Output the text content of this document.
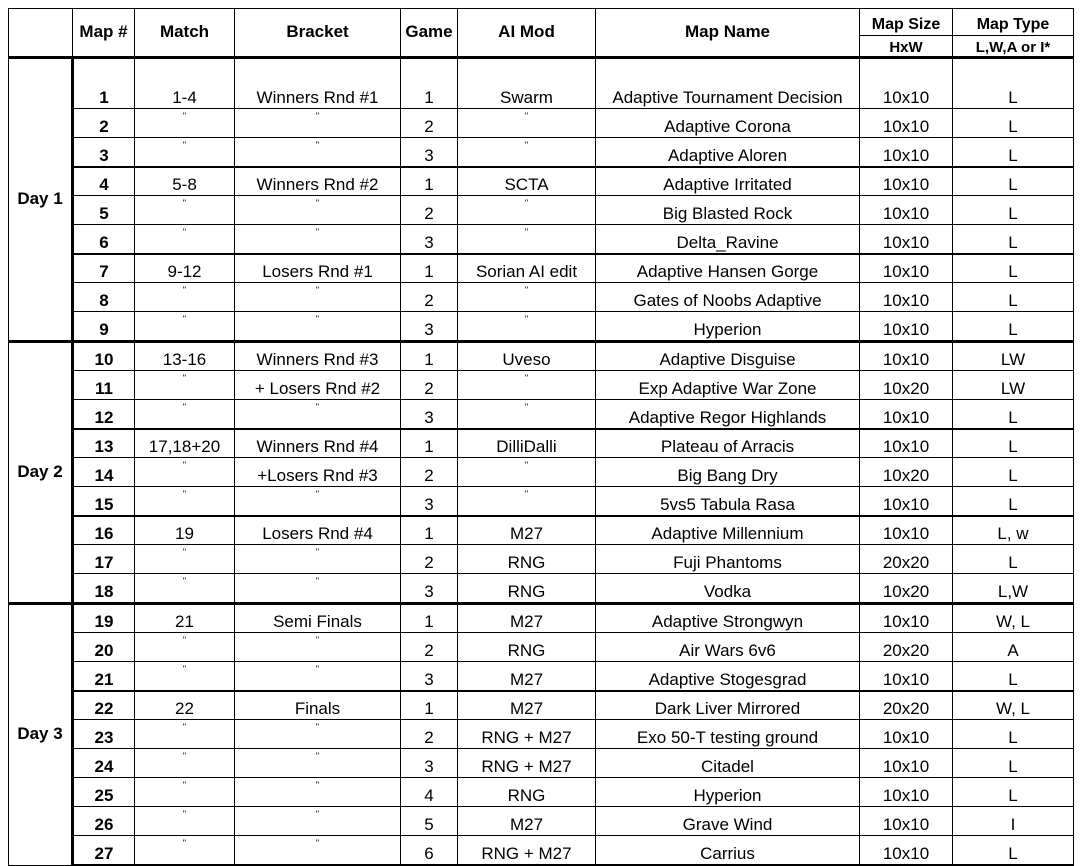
	Map #	Match	Bracket	Game	AI Mod	Map Name	Map Size	Map Type
							HxW	L,W,A or I*
Day 1	1	1-4	Winners Rnd #1	1	Swarm	Adaptive Tournament Decision	10x10	L
	2	"	"	2	"	Adaptive Corona	10x10	L
	3	"	"	3	"	Adaptive Aloren	10x10	L
	4	5-8	Winners Rnd #2	1	SCTA	Adaptive Irritated	10x10	L
	5	"	"	2	"	Big Blasted Rock	10x10	L
	6	"	"	3	"	Delta_Ravine	10x10	L
	7	9-12	Losers Rnd #1	1	Sorian AI edit	Adaptive Hansen Gorge	10x10	L
	8	"	"	2	"	Gates of Noobs Adaptive	10x10	L
	9	"	"	3	"	Hyperion	10x10	L
Day 2	10	13-16	Winners Rnd #3	1	Uveso	Adaptive Disguise	10x10	LW
	11	"	+ Losers Rnd #2	2	"	Exp Adaptive War Zone	10x20	LW
	12	"	"	3	"	Adaptive Regor Highlands	10x10	L
	13	17,18+20	Winners Rnd #4	1	DilliDalli	Plateau of Arracis	10x10	L
	14	"	+Losers Rnd #3	2	"	Big Bang Dry	10x20	L
	15	"	"	3	"	5vs5 Tabula Rasa	10x10	L
	16	19	Losers Rnd #4	1	M27	Adaptive Millennium	10x10	L, w
	17	"	"	2	RNG	Fuji Phantoms	20x20	L
	18	"	"	3	RNG	Vodka	10x20	L,W
Day 3	19	21	Semi Finals	1	M27	Adaptive Strongwyn	10x10	W, L
	20	"	"	2	RNG	Air Wars 6v6	20x20	A
	21	"	"	3	M27	Adaptive Stogesgrad	10x10	L
	22	22	Finals	1	M27	Dark Liver Mirrored	20x20	W, L
	23	"	"	2	RNG + M27	Exo 50-T testing ground	10x10	L
	24	"	"	3	RNG + M27	Citadel	10x10	L
	25	"	"	4	RNG	Hyperion	10x10	L
	26	"	"	5	M27	Grave Wind	10x10	I
	27	"	"	6	RNG + M27	Carrius	10x10	L
